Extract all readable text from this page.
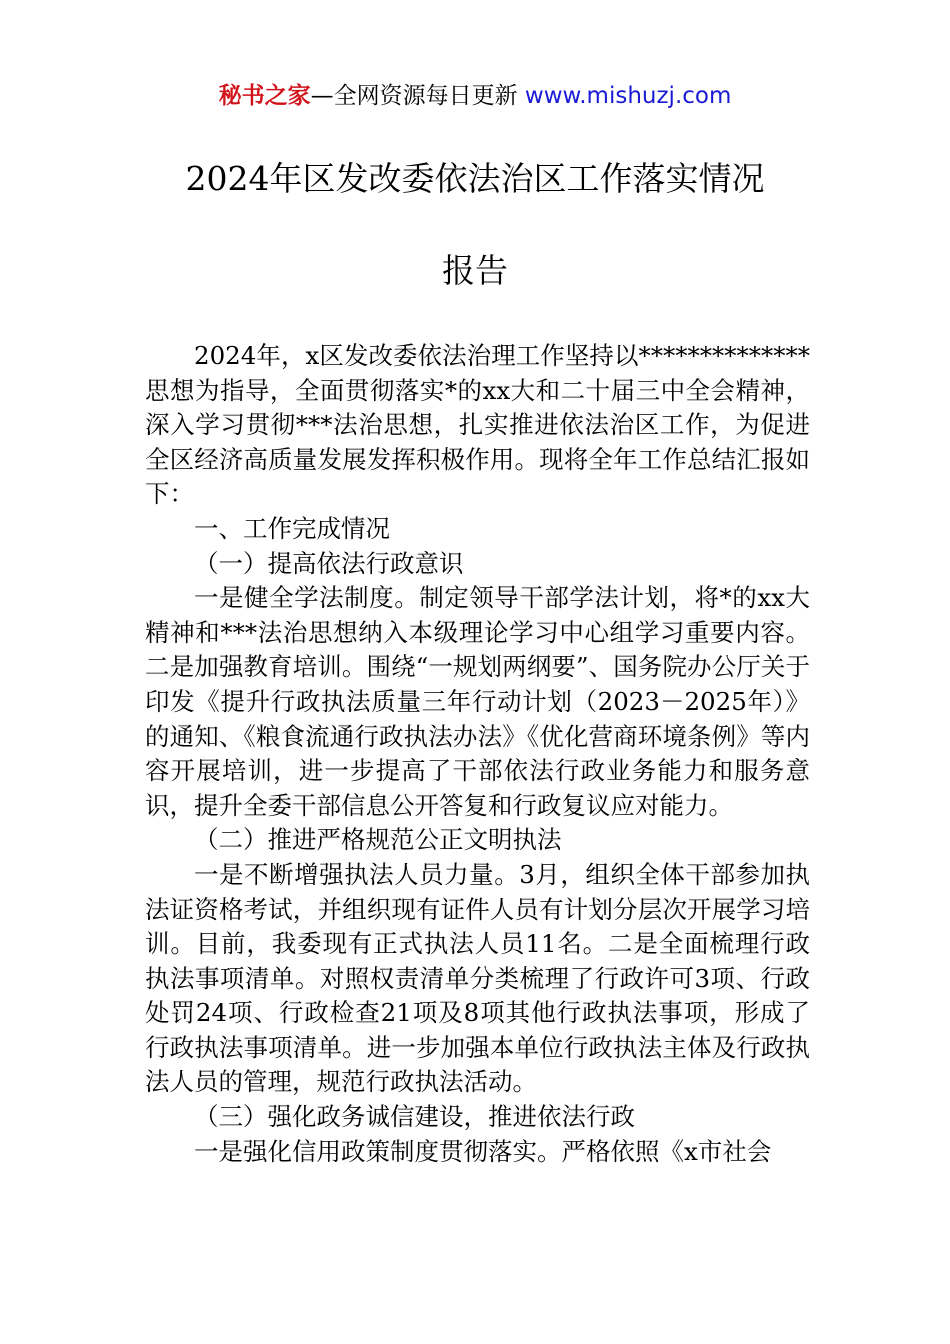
秘书之家—全网资源每日更新 www.mishuzj.com
2024年区发改委依法治区工作落实情况
报告

2024年，x区发改委依法治理工作坚持以**************思想为指导，全面贯彻落实*的xx大和二十届三中全会精神，深入学习贯彻***法治思想，扎实推进依法治区工作，为促进全区经济高质量发展发挥积极作用。现将全年工作总结汇报如下：

一、工作完成情况

（一）提高依法行政意识

一是健全学法制度。制定领导干部学法计划，将*的xx大精神和***法治思想纳入本级理论学习中心组学习重要内容。二是加强教育培训。围绕“一规划两纲要”、国务院办公厅关于印发《提升行政执法质量三年行动计划（2023－2025年）》的通知、《粮食流通行政执法办法》《优化营商环境条例》等内容开展培训，进一步提高了干部依法行政业务能力和服务意识，提升全委干部信息公开答复和行政复议应对能力。

（二）推进严格规范公正文明执法

一是不断增强执法人员力量。3月，组织全体干部参加执法证资格考试，并组织现有证件人员有计划分层次开展学习培训。目前，我委现有正式执法人员11名。二是全面梳理行政执法事项清单。对照权责清单分类梳理了行政许可3项、行政处罚24项、行政检查21项及8项其他行政执法事项，形成了行政执法事项清单。进一步加强本单位行政执法主体及行政执法人员的管理，规范行政执法活动。

（三）强化政务诚信建设，推进依法行政

一是强化信用政策制度贯彻落实。严格依照《x市社会
